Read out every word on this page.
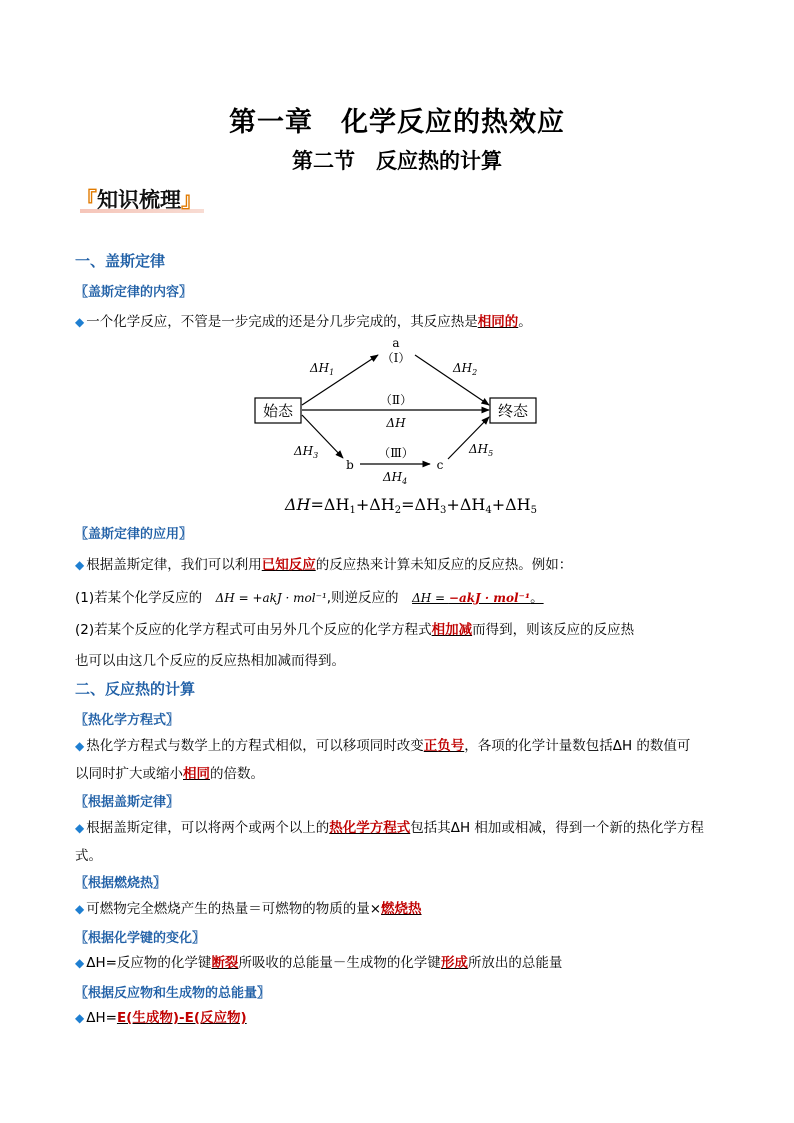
第一章　化学反应的热效应
第二节　反应热的计算
『知识梳理』
一、盖斯定律
〖盖斯定律的内容〗
◆ 一个化学反应，不管是一步完成的还是分几步完成的，其反应热是相同的。
始态	终态
a
（Ⅰ）
$\Delta H_1$	$\Delta H_2$
（Ⅱ）
ΔH
$\Delta H_3$
b
（Ⅲ）
$\Delta H_4$
c
$\Delta H_5$
ΔH=ΔH1+ΔH2=ΔH3+ΔH4+ΔH5
〖盖斯定律的应用〗
◆ 根据盖斯定律，我们可以利用已知反应的反应热来计算未知反应的反应热。例如：
(1)若某个化学反应的　ΔH = +akJ · mol⁻¹,则逆反应的　ΔH = −akJ · mol⁻¹。
(2)若某个反应的化学方程式可由另外几个反应的化学方程式相加减而得到，则该反应的反应热
也可以由这几个反应的反应热相加减而得到。
二、反应热的计算
〖热化学方程式〗
◆ 热化学方程式与数学上的方程式相似，可以移项同时改变正负号，各项的化学计量数包括ΔH 的数值可
以同时扩大或缩小相同的倍数。
〖根据盖斯定律〗
◆ 根据盖斯定律，可以将两个或两个以上的热化学方程式包括其ΔH 相加或相减，得到一个新的热化学方程
式。
〖根据燃烧热〗
◆ 可燃物完全燃烧产生的热量＝可燃物的物质的量×燃烧热
〖根据化学键的变化〗
◆ ΔH=反应物的化学键断裂所吸收的总能量－生成物的化学键形成所放出的总能量
〖根据反应物和生成物的总能量〗
◆ ΔH=E(生成物)-E(反应物)
